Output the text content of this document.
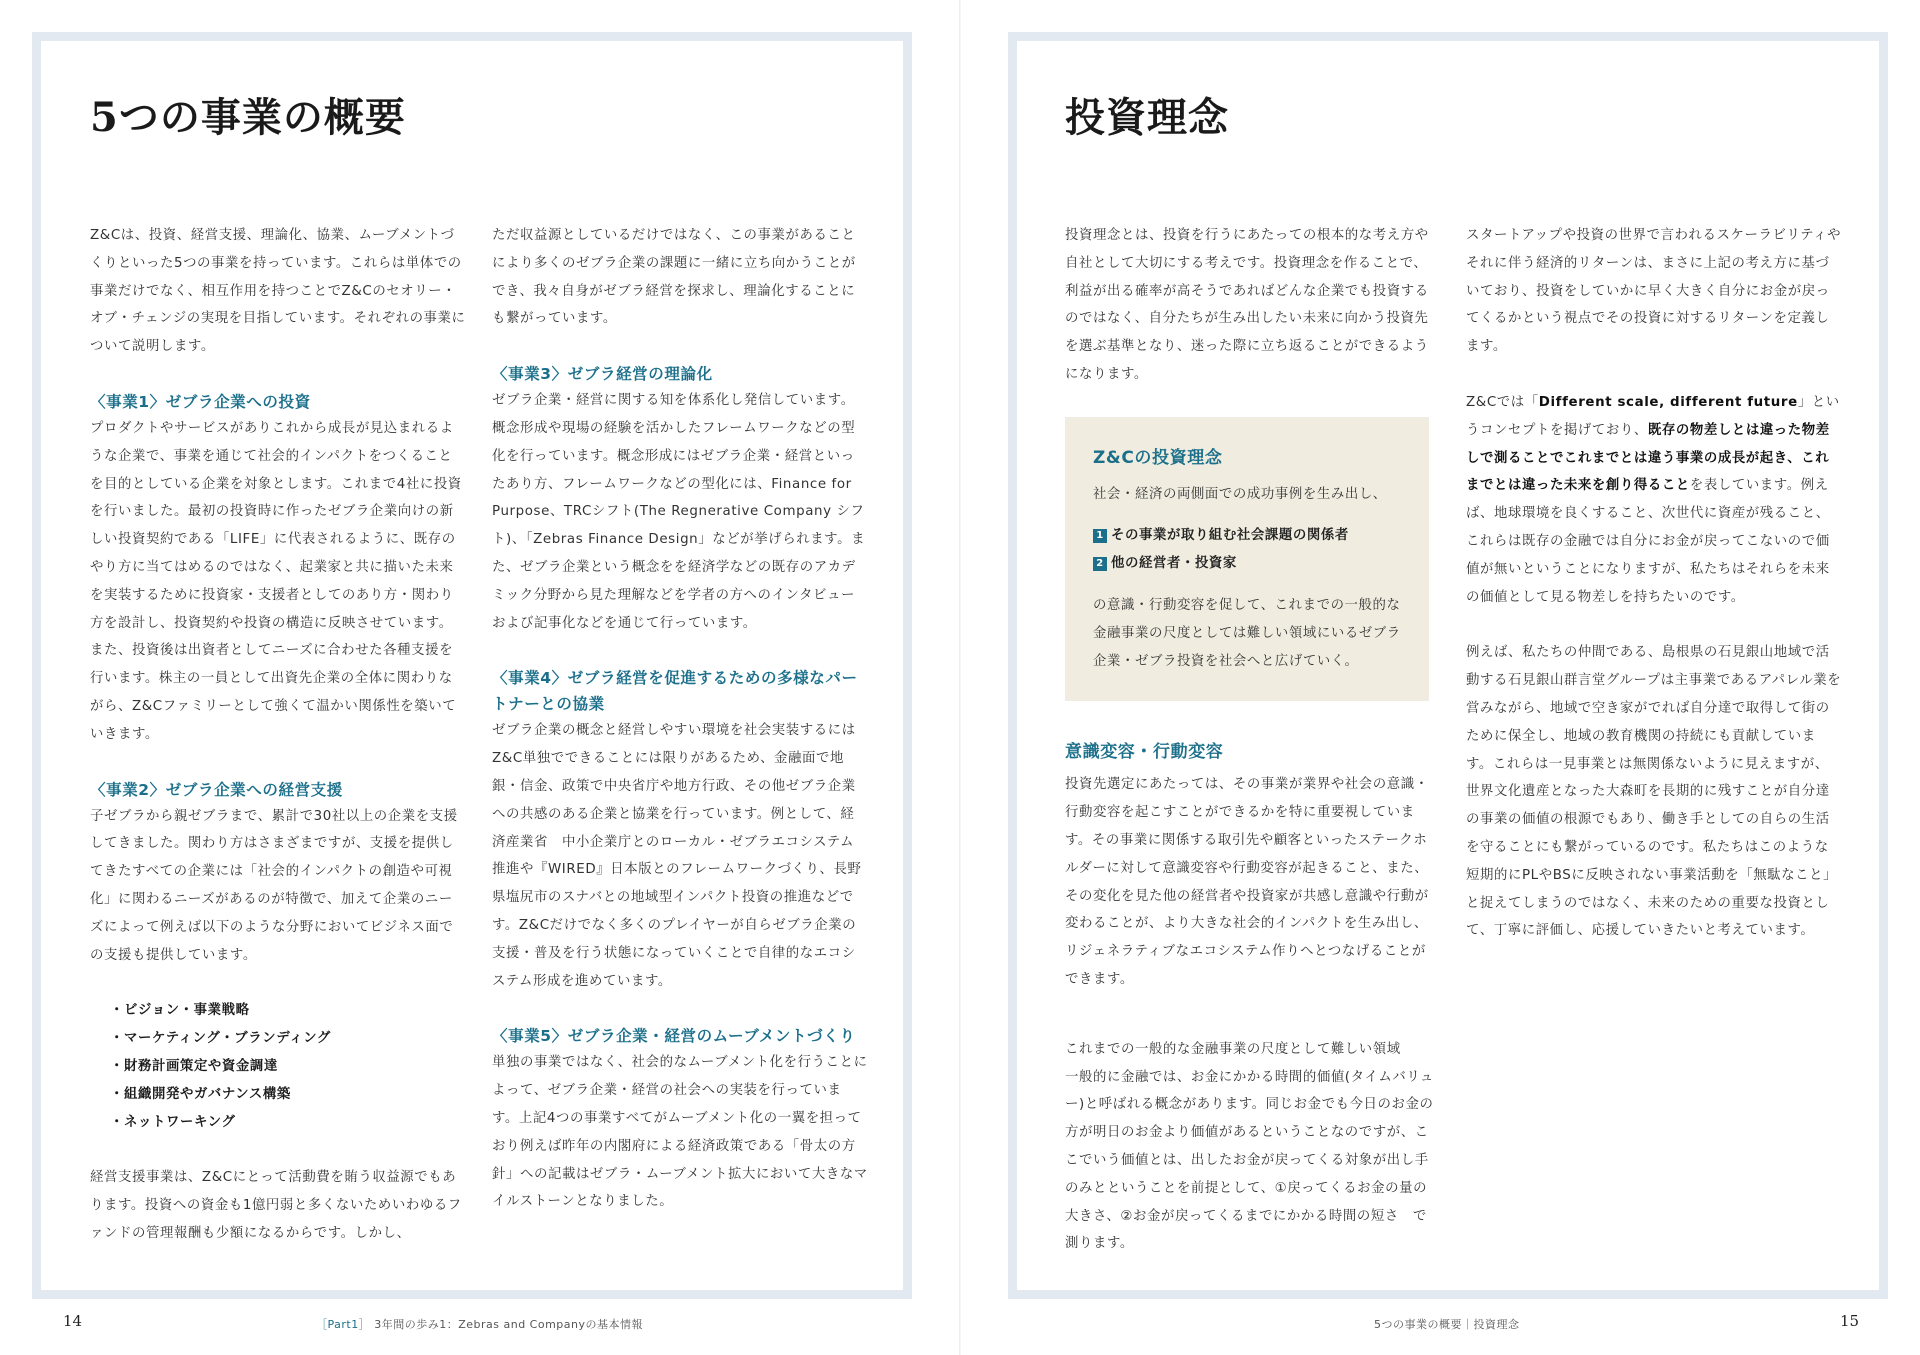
5つの事業の概要

Z&Cは、投資、経営支援、理論化、協業、ムーブメントづくりといった5つの事業を持っています。これらは単体での事業だけでなく、相互作用を持つことでZ&Cのセオリー・オブ・チェンジの実現を目指しています。それぞれの事業について説明します。

〈事業1〉ゼブラ企業への投資

プロダクトやサービスがありこれから成長が見込まれるような企業で、事業を通じて社会的インパクトをつくることを目的としている企業を対象とします。これまで4社に投資を行いました。最初の投資時に作ったゼブラ企業向けの新しい投資契約である「LIFE」に代表されるように、既存のやり方に当てはめるのではなく、起業家と共に描いた未来を実装するために投資家・支援者としてのあり方・関わり方を設計し、投資契約や投資の構造に反映させています。また、投資後は出資者としてニーズに合わせた各種支援を行います。株主の一員として出資先企業の全体に関わりながら、Z&Cファミリーとして強くて温かい関係性を築いていきます。

〈事業2〉ゼブラ企業への経営支援

子ゼブラから親ゼブラまで、累計で30社以上の企業を支援してきました。関わり方はさまざまですが、支援を提供してきたすべての企業には「社会的インパクトの創造や可視化」に関わるニーズがあるのが特徴で、加えて企業のニーズによって例えば以下のような分野においてビジネス面での支援も提供しています。

・ビジョン・事業戦略
・マーケティング・ブランディング
・財務計画策定や資金調達
・組織開発やガバナンス構築
・ネットワーキング

経営支援事業は、Z&Cにとって活動費を賄う収益源でもあります。投資への資金も1億円弱と多くないためいわゆるファンドの管理報酬も少額になるからです。しかし、

ただ収益源としているだけではなく、この事業があることにより多くのゼブラ企業の課題に一緒に立ち向かうことができ、我々自身がゼブラ経営を探求し、理論化することにも繋がっています。

〈事業3〉ゼブラ経営の理論化

ゼブラ企業・経営に関する知を体系化し発信しています。概念形成や現場の経験を活かしたフレームワークなどの型化を行っています。概念形成にはゼブラ企業・経営といったあり方、フレームワークなどの型化には、Finance for Purpose、TRCシフト(The Regnerative Company シフト)、「Zebras Finance Design」などが挙げられます。また、ゼブラ企業という概念をを経済学などの既存のアカデミック分野から見た理解などを学者の方へのインタビューおよび記事化などを通じて行っています。

〈事業4〉ゼブラ経営を促進するための多様なパートナーとの協業

ゼブラ企業の概念と経営しやすい環境を社会実装するにはZ&C単独でできることには限りがあるため、金融面で地銀・信金、政策で中央省庁や地方行政、その他ゼブラ企業への共感のある企業と協業を行っています。例として、経済産業省　中小企業庁とのローカル・ゼブラエコシステム推進や『WIRED』日本版とのフレームワークづくり、長野県塩尻市のスナバとの地域型インパクト投資の推進などです。Z&Cだけでなく多くのプレイヤーが自らゼブラ企業の支援・普及を行う状態になっていくことで自律的なエコシステム形成を進めています。

〈事業5〉ゼブラ企業・経営のムーブメントづくり

単独の事業ではなく、社会的なムーブメント化を行うことによって、ゼブラ企業・経営の社会への実装を行っています。上記4つの事業すべてがムーブメント化の一翼を担っており例えば昨年の内閣府による経済政策である「骨太の方針」への記載はゼブラ・ムーブメント拡大において大きなマイルストーンとなりました。

14	［Part1］ 3年間の歩み1：Zebras and Companyの基本情報
投資理念

投資理念とは、投資を行うにあたっての根本的な考え方や自社として大切にする考えです。投資理念を作ることで、利益が出る確率が高そうであればどんな企業でも投資するのではなく、自分たちが生み出したい未来に向かう投資先を選ぶ基準となり、迷った際に立ち返ることができるようになります。

Z&Cの投資理念
社会・経済の両側面での成功事例を生み出し、
1 その事業が取り組む社会課題の関係者
2 他の経営者・投資家
の意識・行動変容を促して、これまでの一般的な金融事業の尺度としては難しい領域にいるゼブラ企業・ゼブラ投資を社会へと広げていく。
意識変容・行動変容

投資先選定にあたっては、その事業が業界や社会の意識・行動変容を起こすことができるかを特に重要視しています。その事業に関係する取引先や顧客といったステークホルダーに対して意識変容や行動変容が起きること、また、その変化を見た他の経営者や投資家が共感し意識や行動が変わることが、より大きな社会的インパクトを生み出し、リジェネラティブなエコシステム作りへとつなげることができます。

これまでの一般的な金融事業の尺度として難しい領域
一般的に金融では、お金にかかる時間的価値(タイムバリュー)と呼ばれる概念があります。同じお金でも今日のお金の方が明日のお金より価値があるということなのですが、ここでいう価値とは、出したお金が戻ってくる対象が出し手のみとということを前提として、①戻ってくるお金の量の大きさ、②お金が戻ってくるまでにかかる時間の短さ　で測ります。

スタートアップや投資の世界で言われるスケーラビリティやそれに伴う経済的リターンは、まさに上記の考え方に基づいており、投資をしていかに早く大きく自分にお金が戻ってくるかという視点でその投資に対するリターンを定義します。

Z&Cでは「Different scale, different future」というコンセプトを掲げており、既存の物差しとは違った物差しで測ることでこれまでとは違う事業の成長が起き、これまでとは違った未来を創り得ることを表しています。例えば、地球環境を良くすること、次世代に資産が残ること、これらは既存の金融では自分にお金が戻ってこないので価値が無いということになりますが、私たちはそれらを未来の価値として見る物差しを持ちたいのです。

例えば、私たちの仲間である、島根県の石見銀山地域で活動する石見銀山群言堂グループは主事業であるアパレル業を営みながら、地域で空き家がでれば自分達で取得して街のために保全し、地域の教育機関の持続にも貢献しています。これらは一見事業とは無関係ないように見えますが、世界文化遺産となった大森町を長期的に残すことが自分達の事業の価値の根源でもあり、働き手としての自らの生活を守ることにも繋がっているのです。私たちはこのような短期的にPLやBSに反映されない事業活動を「無駄なこと」と捉えてしまうのではなく、未来のための重要な投資として、丁寧に評価し、応援していきたいと考えています。

5つの事業の概要｜投資理念	15
